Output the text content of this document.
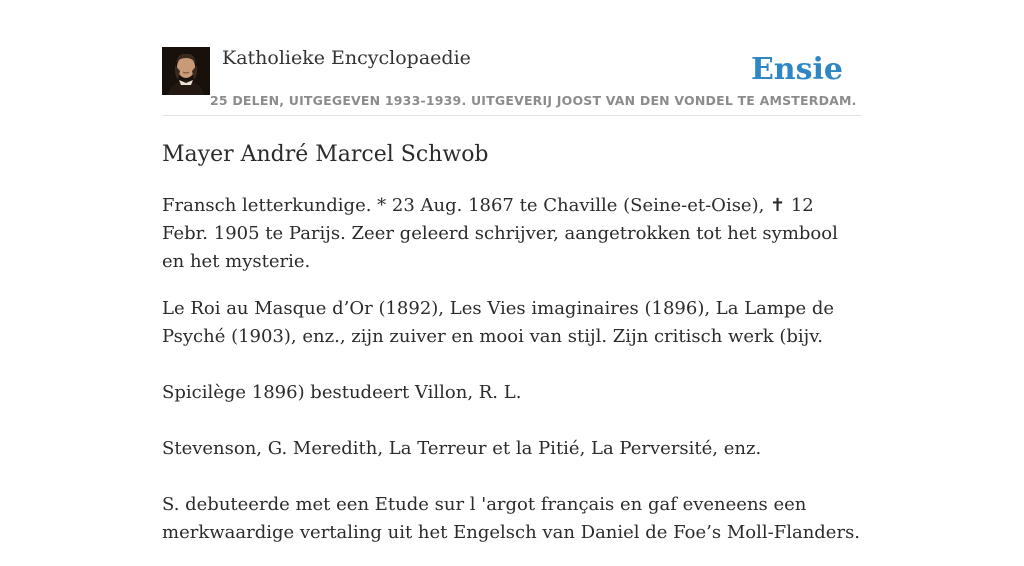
Katholieke Encyclopaedie
25 DELEN, UITGEGEVEN 1933-1939. UITGEVERIJ JOOST VAN DEN VONDEL TE AMSTERDAM.
Ensie
Mayer André Marcel Schwob

Fransch letterkundige. * 23 Aug. 1867 te Chaville (Seine-et-Oise), ✝ 12 Febr. 1905 te Parijs. Zeer geleerd schrijver, aangetrokken tot het symbool en het mysterie.

Le Roi au Masque d’Or (1892), Les Vies imaginaires (1896), La Lampe de Psyché (1903), enz., zijn zuiver en mooi van stijl. Zijn critisch werk (bijv.

Spicilège 1896) bestudeert Villon, R. L.

Stevenson, G. Meredith, La Terreur et la Pitié, La Perversité, enz.

S. debuteerde met een Etude sur l 'argot français en gaf eveneens een merkwaardige vertaling uit het Engelsch van Daniel de Foe’s Moll-Flanders.
